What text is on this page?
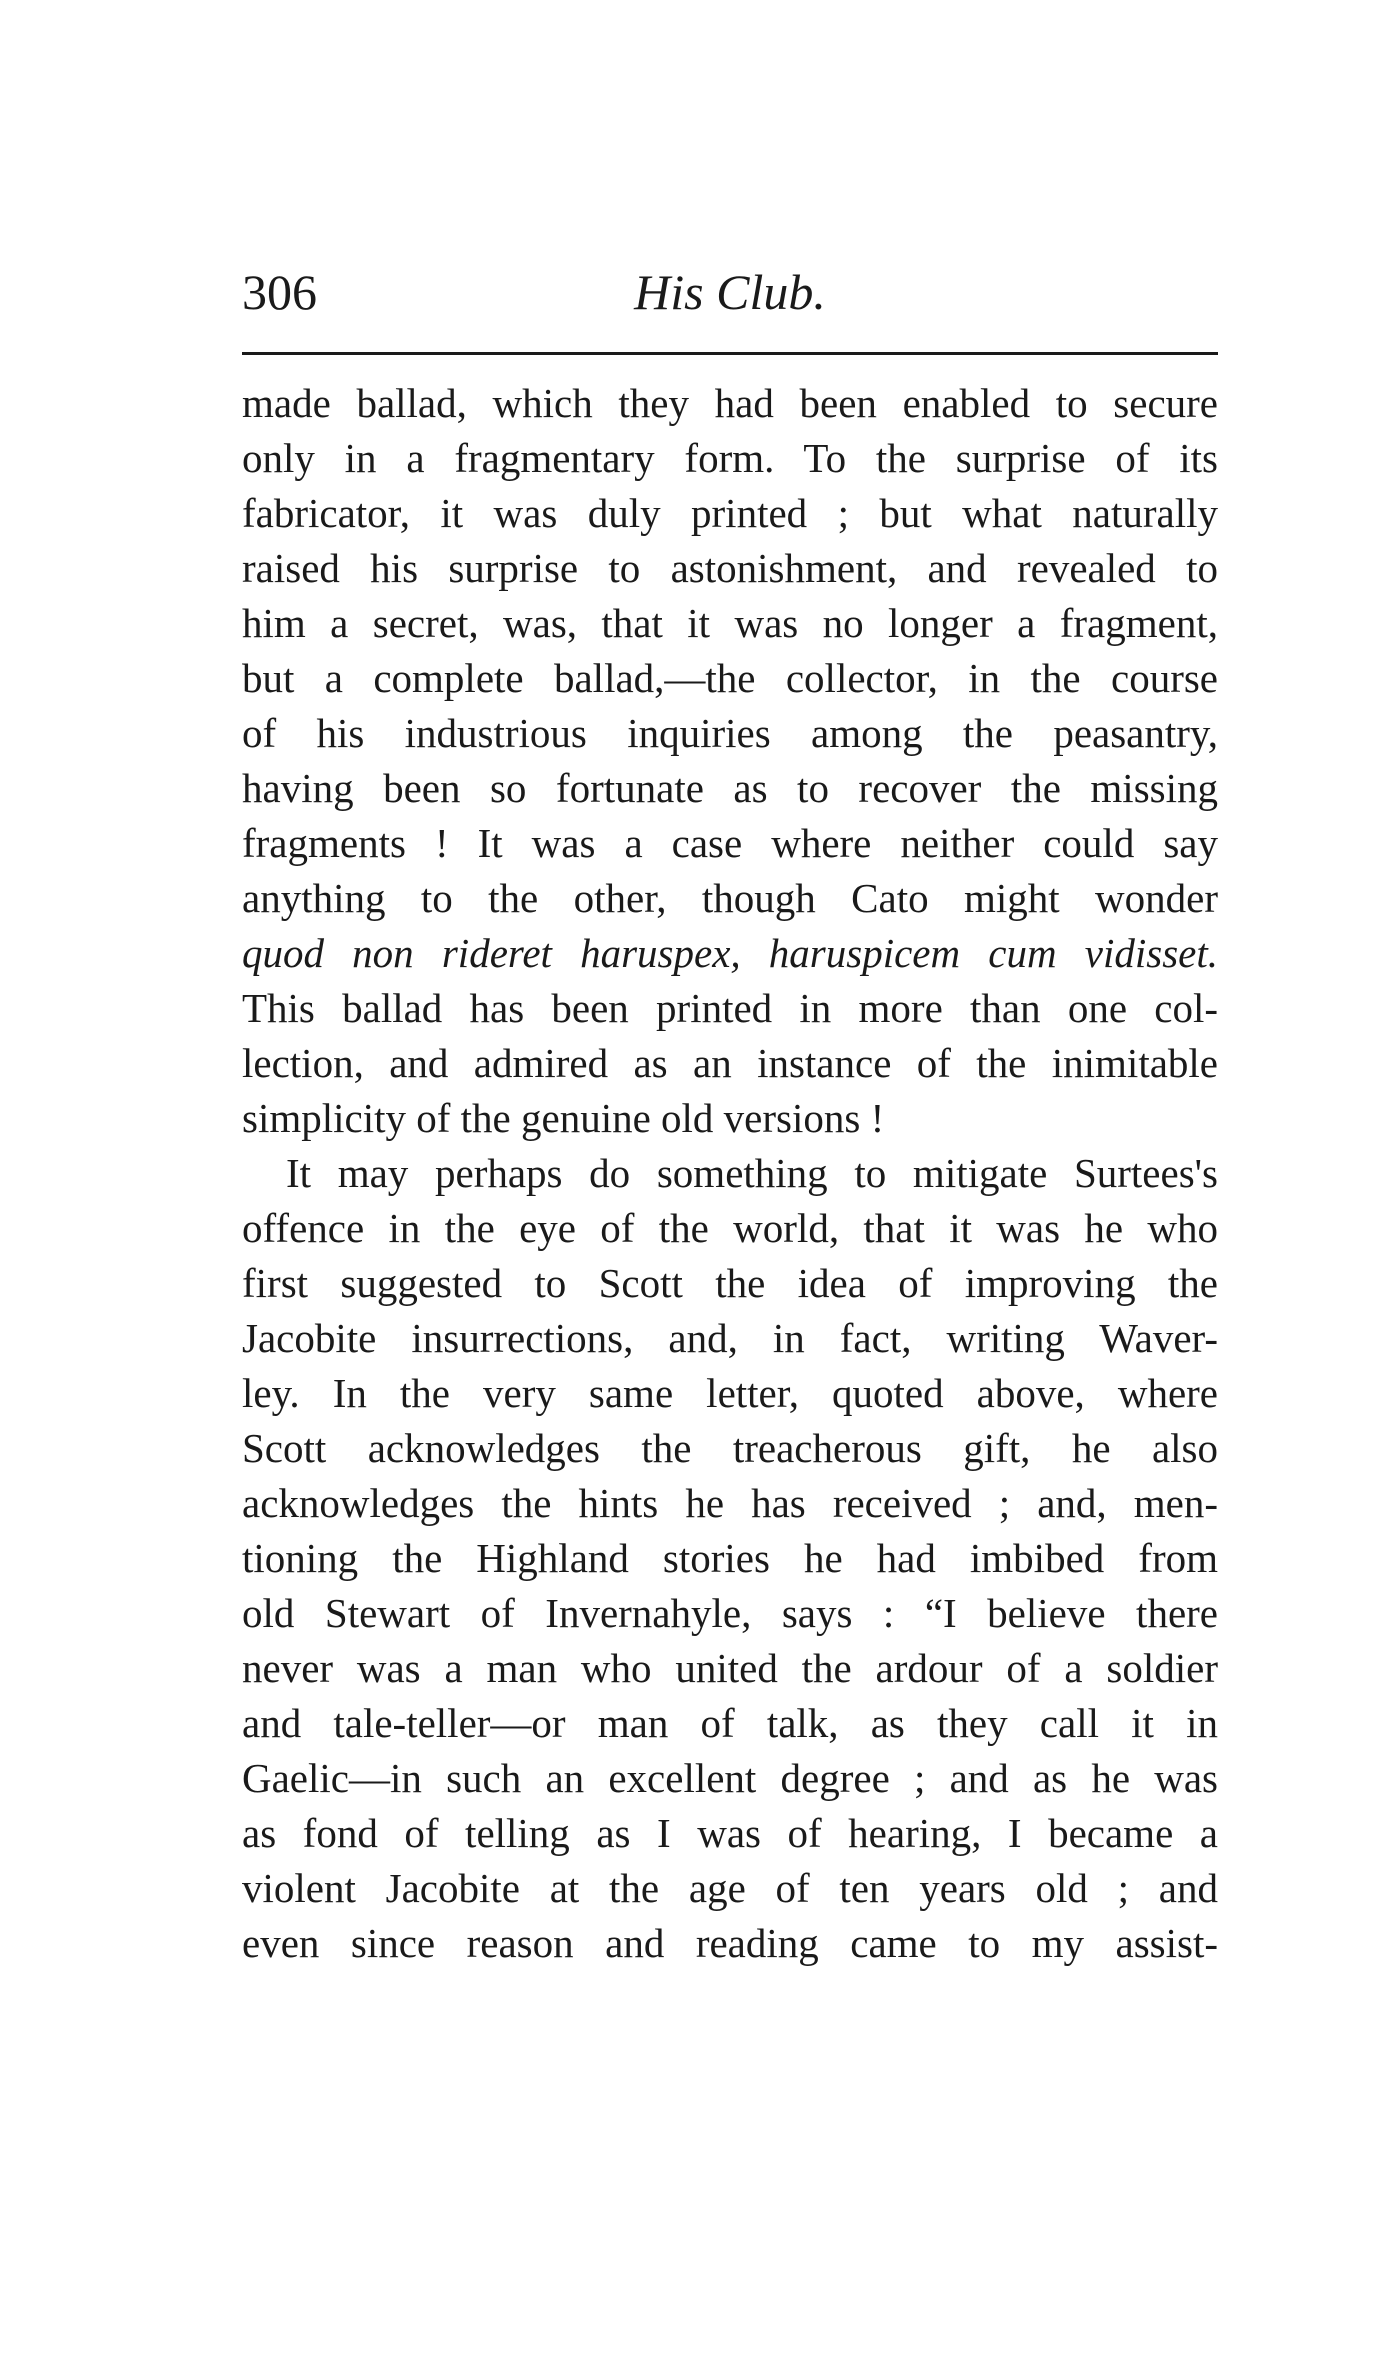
306	His Club.
made ballad, which they had been enabled to secure
only in a fragmentary form. To the surprise of its
fabricator, it was duly printed ; but what naturally
raised his surprise to astonishment, and revealed to
him a secret, was, that it was no longer a fragment,
but a complete ballad,—the collector, in the course
of his industrious inquiries among the peasantry,
having been so fortunate as to recover the missing
fragments ! It was a case where neither could say
anything to the other, though Cato might wonder
quod non rideret haruspex, haruspicem cum vidisset.
This ballad has been printed in more than one col-
lection, and admired as an instance of the inimitable
simplicity of the genuine old versions !
It may perhaps do something to mitigate Surtees's
offence in the eye of the world, that it was he who
first suggested to Scott the idea of improving the
Jacobite insurrections, and, in fact, writing Waver-
ley. In the very same letter, quoted above, where
Scott acknowledges the treacherous gift, he also
acknowledges the hints he has received ; and, men-
tioning the Highland stories he had imbibed from
old Stewart of Invernahyle, says : “I believe there
never was a man who united the ardour of a soldier
and tale-teller—or man of talk, as they call it in
Gaelic—in such an excellent degree ; and as he was
as fond of telling as I was of hearing, I became a
violent Jacobite at the age of ten years old ; and
even since reason and reading came to my assist-
